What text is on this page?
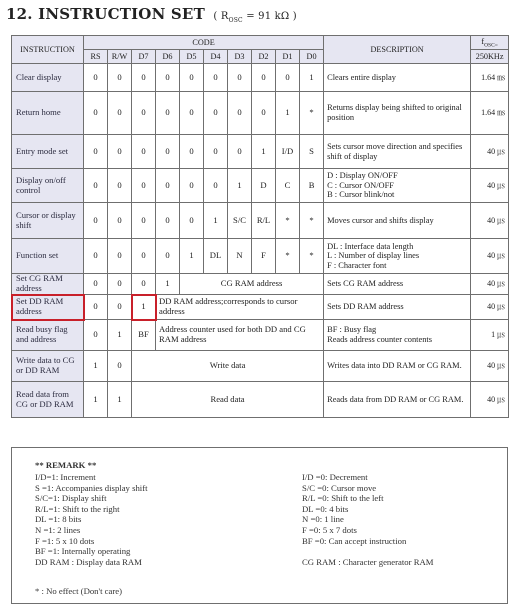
12. INSTRUCTION SET ( $R_{OSC} = 91$ kΩ )
INSTRUCTION	CODE										DESCRIPTION	$f_{OSC=}$
	RS	R/W	D7	D6	D5	D4	D3	D2	D1	D0		250KHz
Clear display	0	0	0	0	0	0	0	0	0	1	Clears entire display	1.64 ㎳
Return home	0	0	0	0	0	0	0	0	1	*	Returns display being shifted to original position	1.64 ㎳
Entry mode set	0	0	0	0	0	0	0	1	I/D	S	Sets cursor move direction and specifies shift of display	40 ㎲
Display on/off control	0	0	0	0	0	0	1	D	C	B	D : Display ON/OFF
C : Cursor ON/OFF
B : Cursor blink/not	40 ㎲
Cursor or display shift	0	0	0	0	0	1	S/C	R/L	*	*	Moves cursor and shifts display	40 ㎲
Function set	0	0	0	0	1	DL	N	F	*	*	DL : Interface data length
L : Number of display lines
F : Character font	40 ㎲
Set CG RAM address	0	0	0	1	CG RAM address						Sets CG RAM address	40 ㎲
Set DD RAM address	0	0	1	DD RAM address;corresponds to cursor address							Sets DD RAM address	40 ㎲
Read busy flag and address	0	1	BF	Address counter used for both DD and CG RAM address							BF : Busy flag
Reads address counter contents	1 ㎲
Write data to CG or DD RAM	1	0	Write data								Writes data into DD RAM or CG RAM.	40 ㎲
Read data from CG or DD RAM	1	1	Read data								Reads data from DD RAM or CG RAM.	40 ㎲
** REMARK **
I/D=1: Increment
S =1: Accompanies display shift
S/C=1: Display shift
R/L=1: Shift to the right
DL =1: 8 bits
N =1: 2 lines
F =1: 5 x 10 dots
BF =1: Internally operating
DD RAM : Display data RAM
I/D =0: Decrement
S/C =0: Cursor move
R/L =0: Shift to the left
DL =0: 4 bits
N =0: 1 line
F =0: 5 x 7 dots
BF =0: Can accept instruction
CG RAM : Character generator RAM
* : No effect (Don't care)
